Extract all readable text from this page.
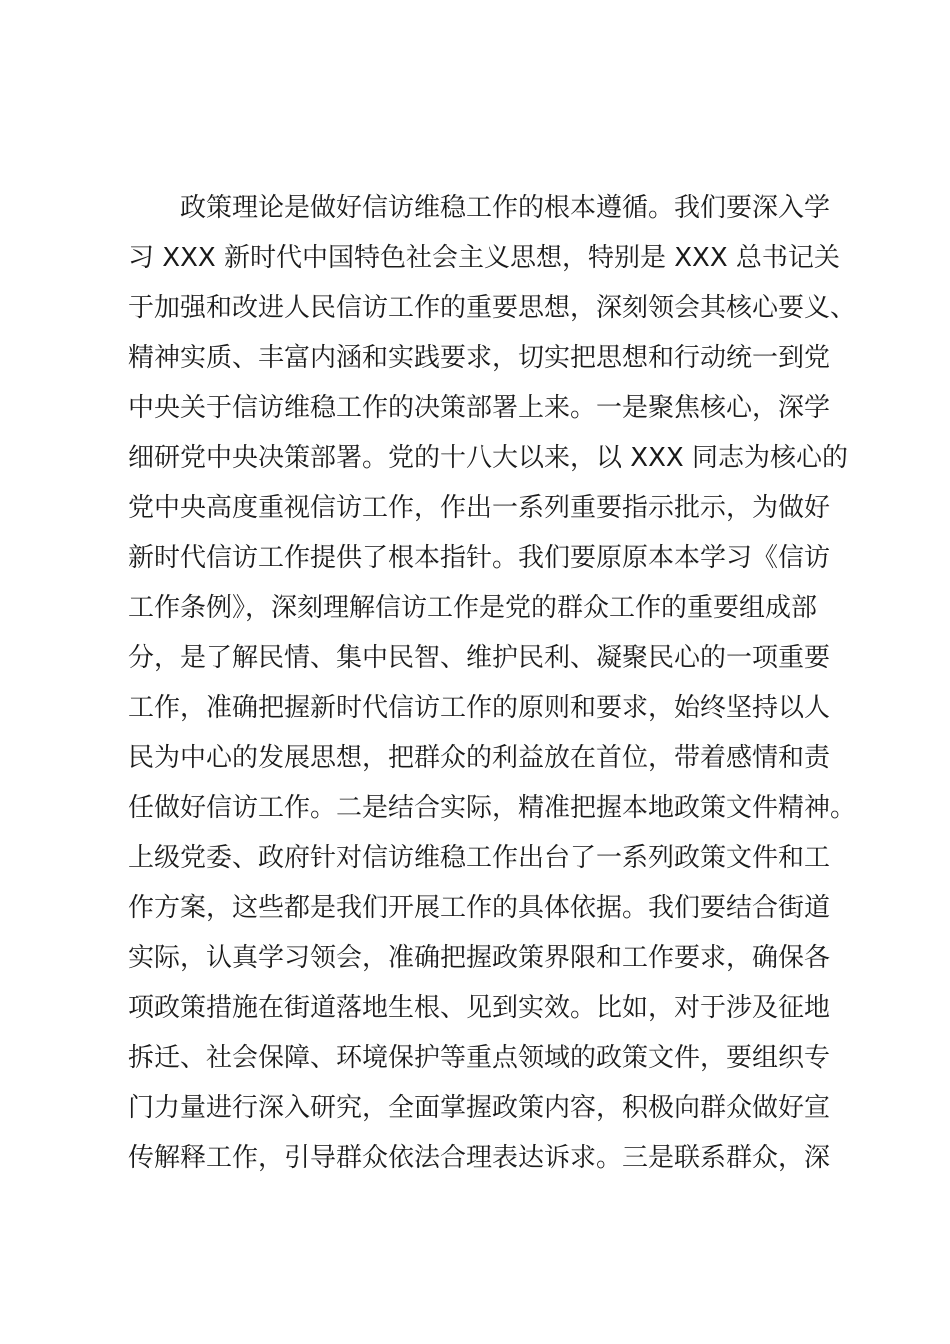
政策理论是做好信访维稳工作的根本遵循。我们要深入学
习 XXX 新时代中国特色社会主义思想，特别是 XXX 总书记关
于加强和改进人民信访工作的重要思想，深刻领会其核心要义、
精神实质、丰富内涵和实践要求，切实把思想和行动统一到党
中央关于信访维稳工作的决策部署上来。一是聚焦核心，深学
细研党中央决策部署。党的十八大以来，以 XXX 同志为核心的
党中央高度重视信访工作，作出一系列重要指示批示，为做好
新时代信访工作提供了根本指针。我们要原原本本学习《信访
工作条例》，深刻理解信访工作是党的群众工作的重要组成部
分，是了解民情、集中民智、维护民利、凝聚民心的一项重要
工作，准确把握新时代信访工作的原则和要求，始终坚持以人
民为中心的发展思想，把群众的利益放在首位，带着感情和责
任做好信访工作。二是结合实际，精准把握本地政策文件精神。
上级党委、政府针对信访维稳工作出台了一系列政策文件和工
作方案，这些都是我们开展工作的具体依据。我们要结合街道
实际，认真学习领会，准确把握政策界限和工作要求，确保各
项政策措施在街道落地生根、见到实效。比如，对于涉及征地
拆迁、社会保障、环境保护等重点领域的政策文件，要组织专
门力量进行深入研究，全面掌握政策内容，积极向群众做好宣
传解释工作，引导群众依法合理表达诉求。三是联系群众，深
